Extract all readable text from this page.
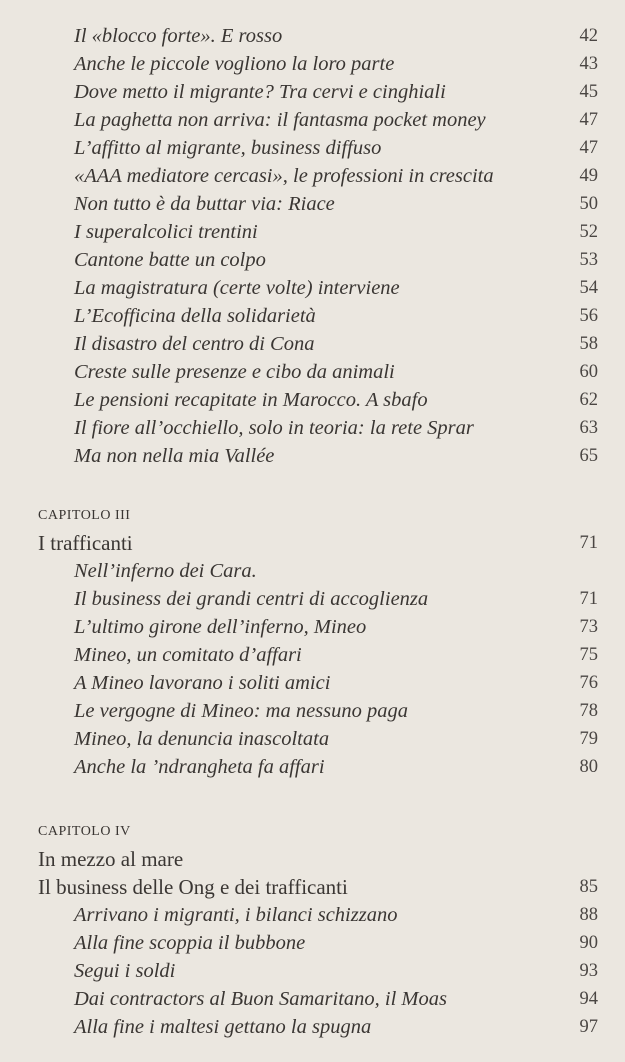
Il «blocco forte». E rosso	42
Anche le piccole vogliono la loro parte	43
Dove metto il migrante? Tra cervi e cinghiali	45
La paghetta non arriva: il fantasma pocket money	47
L’affitto al migrante, business diffuso	47
«AAA mediatore cercasi», le professioni in crescita	49
Non tutto è da buttar via: Riace	50
I superalcolici trentini	52
Cantone batte un colpo	53
La magistratura (certe volte) interviene	54
L’Ecofficina della solidarietà	56
Il disastro del centro di Cona	58
Creste sulle presenze e cibo da animali	60
Le pensioni recapitate in Marocco. A sbafo	62
Il fiore all’occhiello, solo in teoria: la rete Sprar	63
Ma non nella mia Vallée	65
CAPITOLO III
I trafficanti	71
Nell’inferno dei Cara.
Il business dei grandi centri di accoglienza	71
L’ultimo girone dell’inferno, Mineo	73
Mineo, un comitato d’affari	75
A Mineo lavorano i soliti amici	76
Le vergogne di Mineo: ma nessuno paga	78
Mineo, la denuncia inascoltata	79
Anche la ’ndrangheta fa affari	80
CAPITOLO IV
In mezzo al mare
Il business delle Ong e dei trafficanti	85
Arrivano i migranti, i bilanci schizzano	88
Alla fine scoppia il bubbone	90
Segui i soldi	93
Dai contractors al Buon Samaritano, il Moas	94
Alla fine i maltesi gettano la spugna	97
